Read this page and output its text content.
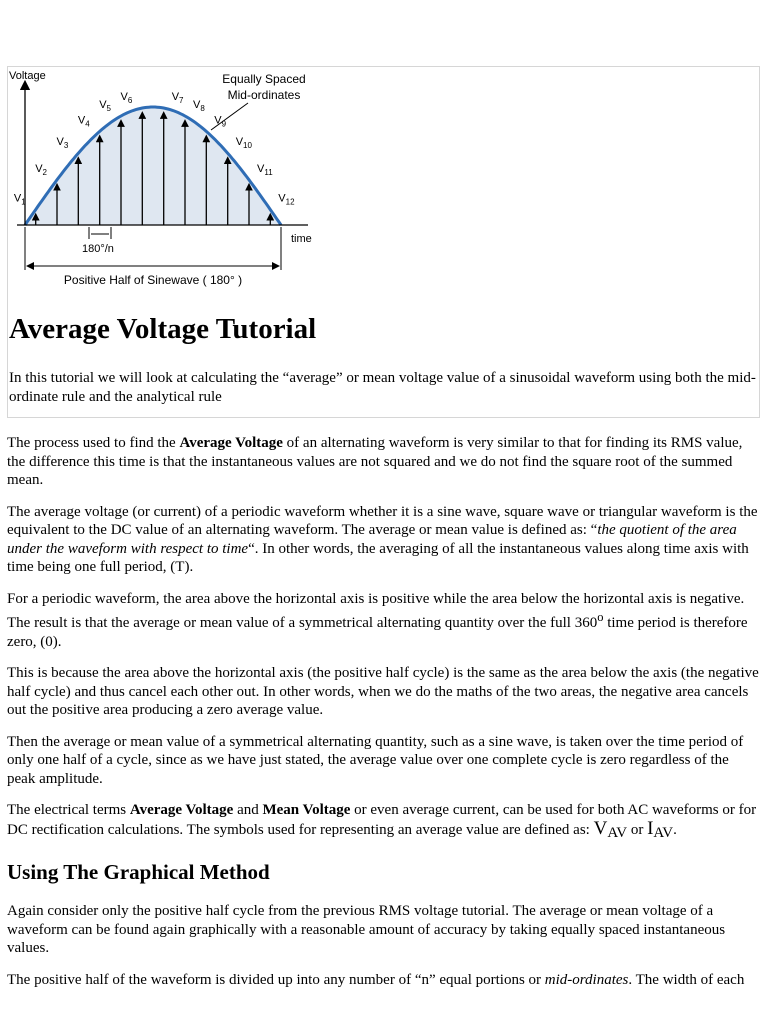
Voltage
time
Equally Spaced
Mid-ordinates
$V_1$
$V_2$
$V_3$
$V_4$
$V_5$
$V_6$	$V_7$ $V_8$
$V_9$
$V_{10}$
$V_{11}$
$V_{12}$
180°/n
Positive Half of Sinewave ( 180° )
Average Voltage Tutorial

In this tutorial we will look at calculating the “average” or mean voltage value of a sinusoidal waveform using both the mid-ordinate rule and the analytical rule

The process used to find the Average Voltage of an alternating waveform is very similar to that for finding its RMS value, the difference this time is that the instantaneous values are not squared and we do not find the square root of the summed mean.

The average voltage (or current) of a periodic waveform whether it is a sine wave, square wave or triangular waveform is the equivalent to the DC value of an alternating waveform. The average or mean value is defined as: “the quotient of the area under the waveform with respect to time“. In other words, the averaging of all the instantaneous values along time axis with time being one full period, (T).

For a periodic waveform, the area above the horizontal axis is positive while the area below the horizontal axis is negative. The result is that the average or mean value of a symmetrical alternating quantity over the full 360$^o$ time period is therefore zero, (0).

This is because the area above the horizontal axis (the positive half cycle) is the same as the area below the axis (the negative half cycle) and thus cancel each other out. In other words, when we do the maths of the two areas, the negative area cancels out the positive area producing a zero average value.

Then the average or mean value of a symmetrical alternating quantity, such as a sine wave, is taken over the time period of only one half of a cycle, since as we have just stated, the average value over one complete cycle is zero regardless of the peak amplitude.

The electrical terms Average Voltage and Mean Voltage or even average current, can be used for both AC waveforms or for DC rectification calculations. The symbols used for representing an average value are defined as: $V_{AV}$ or $I_{AV}$.

Using The Graphical Method

Again consider only the positive half cycle from the previous RMS voltage tutorial. The average or mean voltage of a waveform can be found again graphically with a reasonable amount of accuracy by taking equally spaced instantaneous values.

The positive half of the waveform is divided up into any number of “n” equal portions or mid-ordinates. The width of each
